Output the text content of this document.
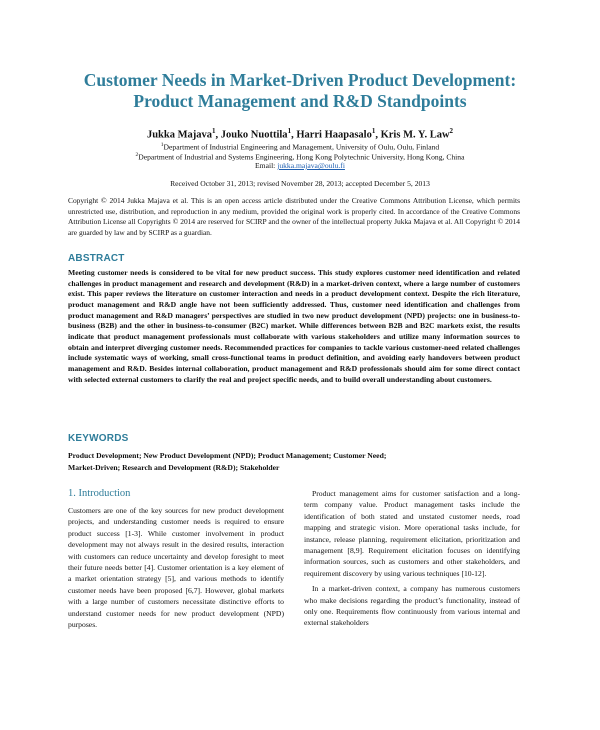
Customer Needs in Market-Driven Product Development:
Product Management and R&D Standpoints
Jukka Majava$^1$, Jouko Nuottila$^1$, Harri Haapasalo$^1$, Kris M. Y. Law$^2$
$^1$Department of Industrial Engineering and Management, University of Oulu, Oulu, Finland
$^2$Department of Industrial and Systems Engineering, Hong Kong Polytechnic University, Hong Kong, China
Email: jukka.majava@oulu.fi
Received October 31, 2013; revised November 28, 2013; accepted December 5, 2013
Copyright © 2014 Jukka Majava et al. This is an open access article distributed under the Creative Commons Attribution License, which permits unrestricted use, distribution, and reproduction in any medium, provided the original work is properly cited. In accordance of the Creative Commons Attribution License all Copyrights © 2014 are reserved for SCIRP and the owner of the intellectual property Jukka Majava et al. All Copyright © 2014 are guarded by law and by SCIRP as a guardian.
ABSTRACT
Meeting customer needs is considered to be vital for new product success. This study explores customer need identification and related challenges in product management and research and development (R&D) in a market-driven context, where a large number of customers exist. This paper reviews the literature on customer interaction and needs in a product development context. Despite the rich literature, product management and R&D angle have not been sufficiently addressed. Thus, customer need identification and challenges from product management and R&D managers’ perspectives are studied in two new product development (NPD) projects: one in business-to-business (B2B) and the other in business-to-consumer (B2C) market. While differences between B2B and B2C markets exist, the results indicate that product management professionals must collaborate with various stakeholders and utilize many information sources to obtain and interpret diverging customer needs. Recommended practices for companies to tackle various customer-need related challenges include systematic ways of working, small cross-functional teams in product definition, and avoiding early handovers between product management and R&D. Besides internal collaboration, product management and R&D professionals should aim for some direct contact with selected external customers to clarify the real and project specific needs, and to build overall understanding about customers.
KEYWORDS
Product Development; New Product Development (NPD); Product Management; Customer Need;
Market-Driven; Research and Development (R&D); Stakeholder
1. Introduction

Customers are one of the key sources for new product development projects, and understanding customer needs is required to ensure product success [1-3]. While customer involvement in product development may not always result in the desired results, interaction with customers can reduce uncertainty and develop foresight to meet their future needs better [4]. Customer orientation is a key element of a market orientation strategy [5], and various methods to identify customer needs have been proposed [6,7]. However, global markets with a large number of customers necessitate distinctive efforts to understand customer needs for new product development (NPD) purposes.

Product management aims for customer satisfaction and a long-term company value. Product management tasks include the identification of both stated and unstated customer needs, road mapping and strategic vision. More operational tasks include, for instance, release planning, requirement elicitation, prioritization and management [8,9]. Requirement elicitation focuses on identifying information sources, such as customers and other stakeholders, and requirement discovery by using various techniques [10-12].

In a market-driven context, a company has numerous customers who make decisions regarding the product’s functionality, instead of only one. Requirements flow continuously from various internal and external stakeholders
